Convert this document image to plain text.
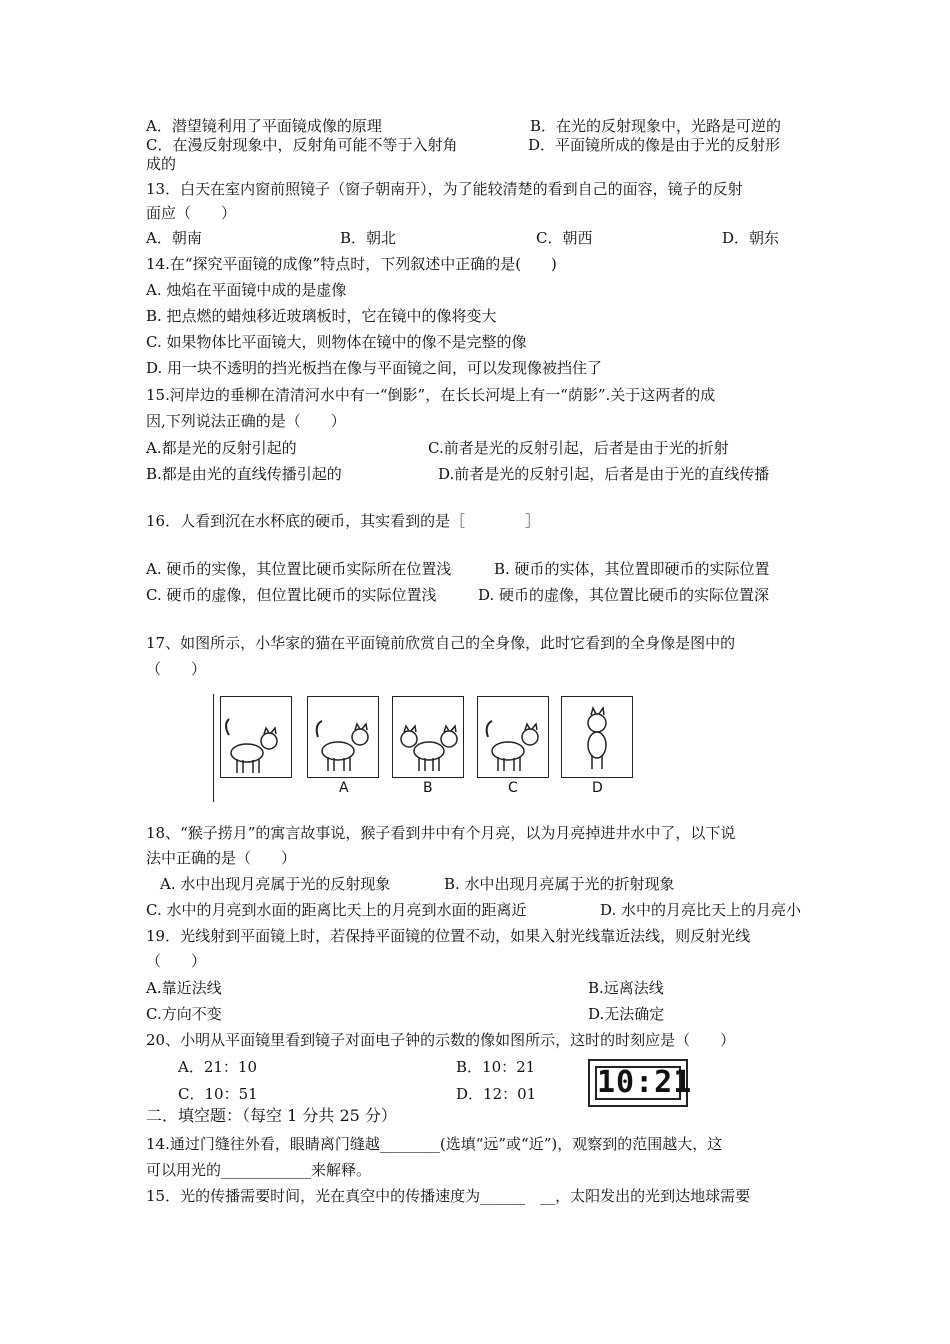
A．潜望镜利用了平面镜成像的原理	B．在光的反射现象中，光路是可逆的
C．在漫反射现象中，反射角可能不等于入射角	D．平面镜所成的像是由于光的反射形
成的
13．白天在室内窗前照镜子（窗子朝南开），为了能较清楚的看到自己的面容，镜子的反射
面应（　　）
A．朝南	B．朝北	C．朝西	D．朝东
14.在“探究平面镜的成像”特点时，下列叙述中正确的是(　　)
A. 烛焰在平面镜中成的是虚像
B. 把点燃的蜡烛移近玻璃板时，它在镜中的像将变大
C. 如果物体比平面镜大，则物体在镜中的像不是完整的像
D. 用一块不透明的挡光板挡在像与平面镜之间，可以发现像被挡住了
15.河岸边的垂柳在清清河水中有一“倒影”，在长长河堤上有一“荫影”.关于这两者的成
因,下列说法正确的是（　　）
A.都是光的反射引起的	C.前者是光的反射引起，后者是由于光的折射
B.都是由光的直线传播引起的	D.前者是光的反射引起，后者是由于光的直线传播
16．人看到沉在水杯底的硬币，其实看到的是［　　　　］
A. 硬币的实像，其位置比硬币实际所在位置浅	B. 硬币的实体，其位置即硬币的实际位置
C. 硬币的虚像，但位置比硬币的实际位置浅	D. 硬币的虚像，其位置比硬币的实际位置深
17、如图所示，小华家的猫在平面镜前欣赏自己的全身像，此时它看到的全身像是图中的
（　　）
A	B	C	D
18、“猴子捞月”的寓言故事说，猴子看到井中有个月亮，以为月亮掉进井水中了，以下说
法中正确的是（　　）
A. 水中出现月亮属于光的反射现象	B. 水中出现月亮属于光的折射现象
C. 水中的月亮到水面的距离比天上的月亮到水面的距离近	D. 水中的月亮比天上的月亮小
19．光线射到平面镜上时，若保持平面镜的位置不动，如果入射光线靠近法线，则反射光线
（　　）
A.靠近法线	B.远离法线
C.方向不变	D.无法确定
20、小明从平面镜里看到镜子对面电子钟的示数的像如图所示，这时的时刻应是（　　）
A．21：10	B．10：21
C．10：51	D．12：01 10:21
二．填空题：（每空 1 分共 25 分）
14.通过门缝往外看，眼睛离门缝越________(选填“远”或“近”)，观察到的范围越大，这
可以用光的____________来解释。
15．光的传播需要时间，光在真空中的传播速度为______　__，太阳发出的光到达地球需要
